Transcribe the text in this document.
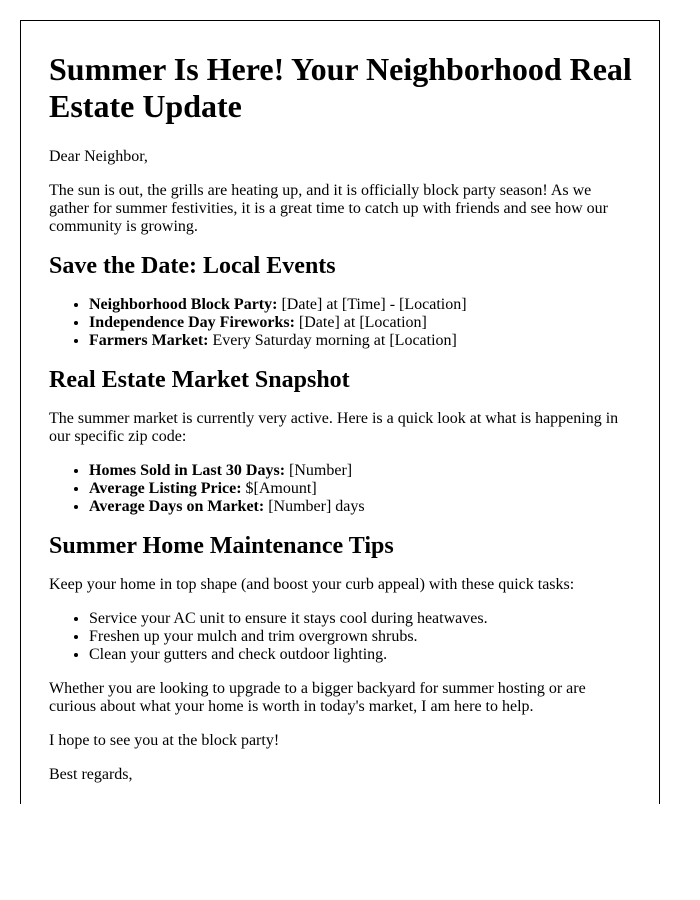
Summer Is Here! Your Neighborhood Real Estate Update

Dear Neighbor,

The sun is out, the grills are heating up, and it is officially block party season! As we gather for summer festivities, it is a great time to catch up with friends and see how our community is growing.

Save the Date: Local Events
• Neighborhood Block Party: [Date] at [Time] - [Location]
• Independence Day Fireworks: [Date] at [Location]
• Farmers Market: Every Saturday morning at [Location]
Real Estate Market Snapshot

The summer market is currently very active. Here is a quick look at what is happening in our specific zip code:

• Homes Sold in Last 30 Days: [Number]
• Average Listing Price: $[Amount]
• Average Days on Market: [Number] days
Summer Home Maintenance Tips

Keep your home in top shape (and boost your curb appeal) with these quick tasks:

• Service your AC unit to ensure it stays cool during heatwaves.
• Freshen up your mulch and trim overgrown shrubs.
• Clean your gutters and check outdoor lighting.

Whether you are looking to upgrade to a bigger backyard for summer hosting or are curious about what your home is worth in today's market, I am here to help.

I hope to see you at the block party!

Best regards,
